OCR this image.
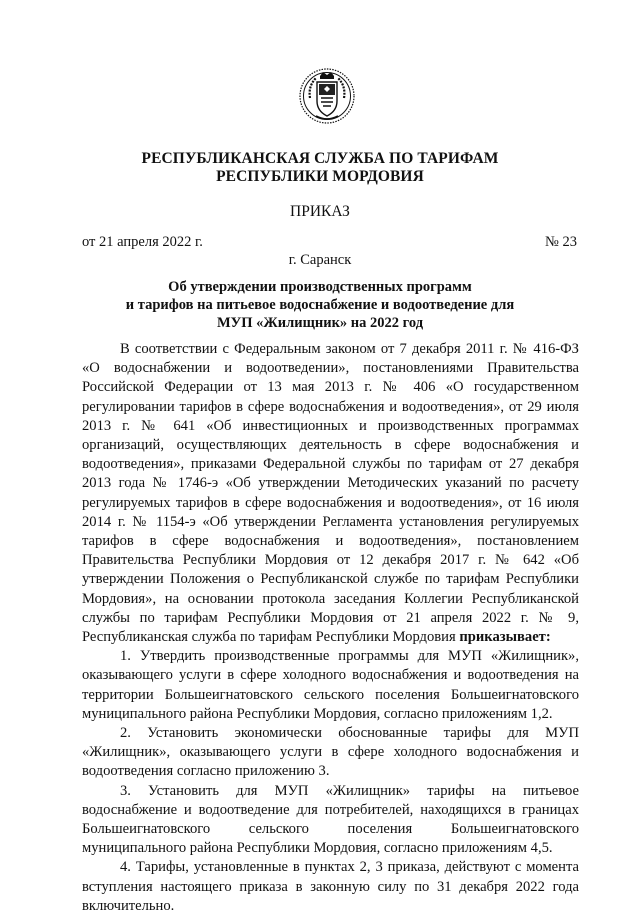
РЕСПУБЛИКАНСКАЯ СЛУЖБА ПО ТАРИФАМ
РЕСПУБЛИКИ МОРДОВИЯ
ПРИКАЗ
от 21 апреля 2022 г.	№ 23
г. Саранск
Об утверждении производственных программ
и тарифов на питьевое водоснабжение и водоотведение для
МУП «Жилищник» на 2022 год

В соответствии с Федеральным законом от 7 декабря 2011 г. № 416-ФЗ «О водоснабжении и водоотведении», постановлениями Правительства Российской Федерации от 13 мая 2013 г. № 406 «О государственном регулировании тарифов в сфере водоснабжения и водоотведения», от 29 июля 2013 г. № 641 «Об инвестиционных и производственных программах организаций, осуществляющих деятельность в сфере водоснабжения и водоотведения», приказами Федеральной службы по тарифам от 27 декабря 2013 года № 1746-э «Об утверждении Методических указаний по расчету регулируемых тарифов в сфере водоснабжения и водоотведения», от 16 июля 2014 г. № 1154-э «Об утверждении Регламента установления регулируемых тарифов в сфере водоснабжения и водоотведения», постановлением Правительства Республики Мордовия от 12 декабря 2017 г. № 642 «Об утверждении Положения о Республиканской службе по тарифам Республики Мордовия», на основании протокола заседания Коллегии Республиканской службы по тарифам Республики Мордовия от 21 апреля 2022 г. № 9, Республиканская служба по тарифам Республики Мордовия приказывает:

1. Утвердить производственные программы для МУП «Жилищник», оказывающего услуги в сфере холодного водоснабжения и водоотведения на территории Большеигнатовского сельского поселения Большеигнатовского муниципального района Республики Мордовия, согласно приложениям 1,2.

2. Установить экономически обоснованные тарифы для МУП «Жилищник», оказывающего услуги в сфере холодного водоснабжения и водоотведения согласно приложению 3.

3. Установить для МУП «Жилищник» тарифы на питьевое водоснабжение и водоотведение для потребителей, находящихся в границах Большеигнатовского сельского поселения Большеигнатовского муниципального района Республики Мордовия, согласно приложениям 4,5.

4. Тарифы, установленные в пунктах 2, 3 приказа, действуют с момента вступления настоящего приказа в законную силу по 31 декабря 2022 года включительно.
